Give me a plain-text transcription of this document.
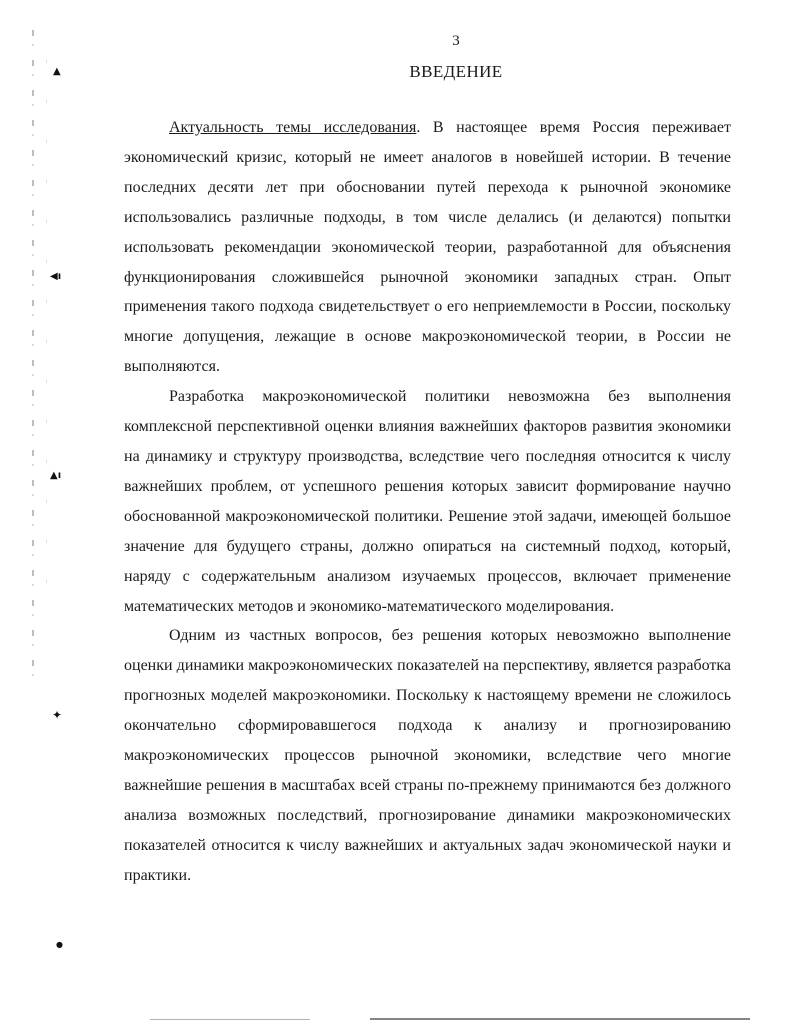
▲
◀ı
▲ı
✦
●
3
ВВЕДЕНИЕ

Актуальность темы исследования. В настоящее время Россия переживает экономический кризис, который не имеет аналогов в новейшей истории. В течение последних десяти лет при обосновании путей перехода к рыночной экономике использовались различные подходы, в том числе делались (и делаются) попытки использовать рекомендации экономической теории, разработанной для объяснения функционирования сложившейся рыночной экономики западных стран. Опыт применения такого подхода свидетельствует о его неприемлемости в России, поскольку многие допущения, лежащие в основе макроэкономической теории, в России не выполняются.

Разработка макроэкономической политики невозможна без выполнения комплексной перспективной оценки влияния важнейших факторов развития экономики на динамику и структуру производства, вследствие чего последняя относится к числу важнейших проблем, от успешного решения которых зависит формирование научно обоснованной макроэкономической политики. Решение этой задачи, имеющей большое значение для будущего страны, должно опираться на системный подход, который, наряду с содержательным анализом изучаемых процессов, включает применение математических методов и экономико-математического моделирования.

Одним из частных вопросов, без решения которых невозможно выполнение оценки динамики макроэкономических показателей на перспективу, является разработка прогнозных моделей макроэкономики. Поскольку к настоящему времени не сложилось окончательно сформировавшегося подхода к анализу и прогнозированию макроэкономических процессов рыночной экономики, вследствие чего многие важнейшие решения в масштабах всей страны по-прежнему принимаются без должного анализа возможных последствий, прогнозирование динамики макроэкономических показателей относится к числу важнейших и актуальных задач экономической науки и практики.
